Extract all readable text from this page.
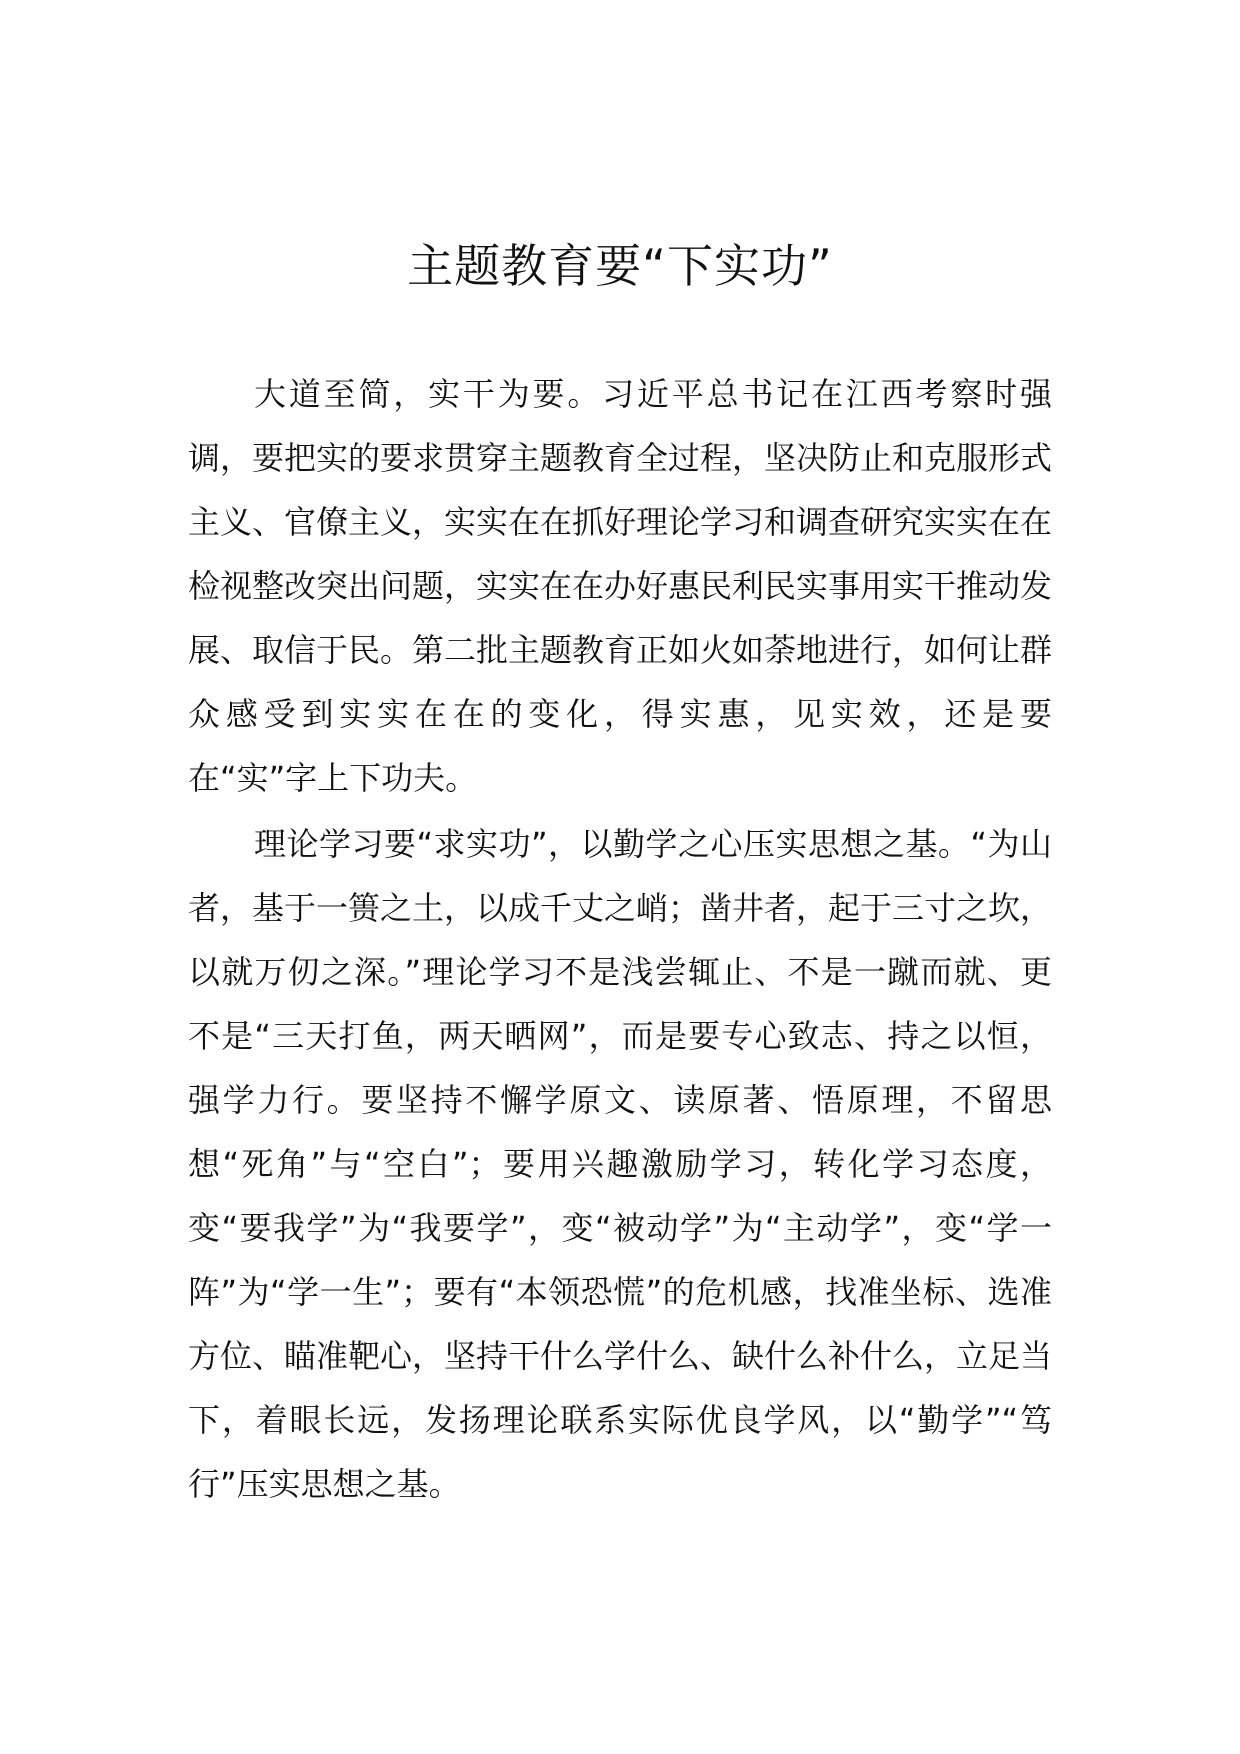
主题教育要“下实功”

大道至简，实干为要。习近平总书记在江西考察时强调，要把实的要求贯穿主题教育全过程，坚决防止和克服形式主义、官僚主义，实实在在抓好理论学习和调查研究实实在在检视整改突出问题，实实在在办好惠民利民实事用实干推动发展、取信于民。第二批主题教育正如火如荼地进行，如何让群众感受到实实在在的变化，得实惠，见实效，还是要在“实”字上下功夫。

理论学习要“求实功”，以勤学之心压实思想之基。“为山者，基于一篑之土，以成千丈之峭；凿井者，起于三寸之坎，以就万仞之深。”理论学习不是浅尝辄止、不是一蹴而就、更不是“三天打鱼，两天晒网”，而是要专心致志、持之以恒，强学力行。要坚持不懈学原文、读原著、悟原理，不留思想“死角”与“空白”；要用兴趣激励学习，转化学习态度，变“要我学”为“我要学”，变“被动学”为“主动学”，变“学一阵”为“学一生”；要有“本领恐慌”的危机感，找准坐标、选准方位、瞄准靶心，坚持干什么学什么、缺什么补什么，立足当下，着眼长远，发扬理论联系实际优良学风，以“勤学”“笃行”压实思想之基。
